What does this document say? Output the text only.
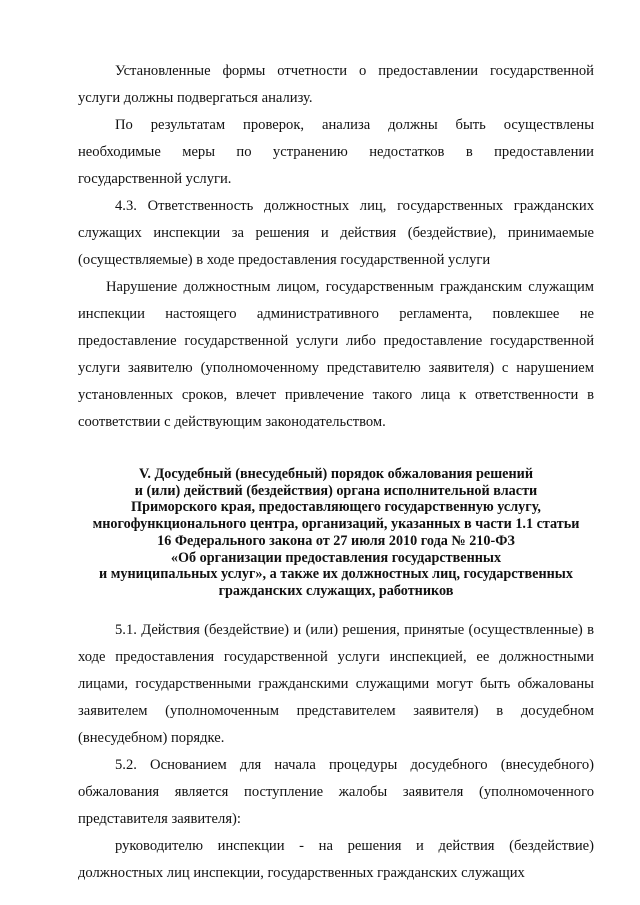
Установленные формы отчетности о предоставлении государственной услуги должны подвергаться анализу.

По результатам проверок, анализа должны быть осуществлены необходимые меры по устранению недостатков в предоставлении государственной услуги.

4.3. Ответственность должностных лиц, государственных гражданских служащих инспекции за решения и действия (бездействие), принимаемые (осуществляемые) в ходе предоставления государственной услуги

Нарушение должностным лицом, государственным гражданским служащим инспекции настоящего административного регламента, повлекшее не предоставление государственной услуги либо предоставление государственной услуги заявителю (уполномоченному представителю заявителя) с нарушением установленных сроков, влечет привлечение такого лица к ответственности в соответствии с действующим законодательством.

V. Досудебный (внесудебный) порядок обжалования решений
и (или) действий (бездействия) органа исполнительной власти
Приморского края, предоставляющего государственную услугу,
многофункционального центра, организаций, указанных в части 1.1 статьи
16 Федерального закона от 27 июля 2010 года № 210-ФЗ
«Об организации предоставления государственных
и муниципальных услуг», а также их должностных лиц, государственных
гражданских служащих, работников

5.1. Действия (бездействие) и (или) решения, принятые (осуществленные) в ходе предоставления государственной услуги инспекцией, ее должностными лицами, государственными гражданскими служащими могут быть обжалованы заявителем (уполномоченным представителем заявителя) в досудебном (внесудебном) порядке.

5.2. Основанием для начала процедуры досудебного (внесудебного) обжалования является поступление жалобы заявителя (уполномоченного представителя заявителя):

руководителю инспекции - на решения и действия (бездействие) должностных лиц инспекции, государственных гражданских служащих
